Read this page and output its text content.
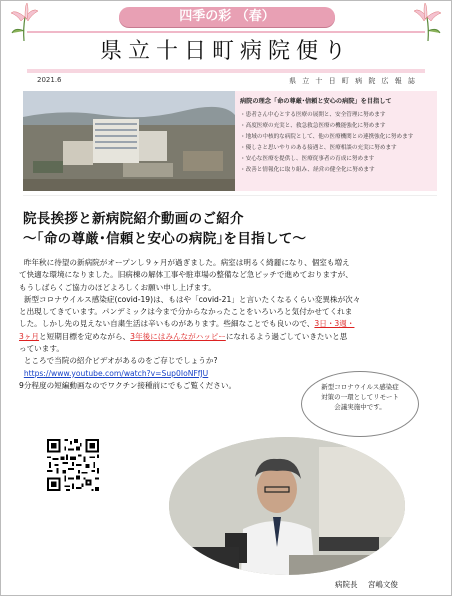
四季の彩 （春）
県立十日町病院便り
2021.6	県 立 十 日 町 病 院 広 報 誌
病院の理念「命の尊厳･信頼と安心の病院」を目指して
・ 患者さん中心とする医療の展開と、安全管理に努めます
・ 高度医療の充実と、救急救急医療の機能強化に努めます
・ 地域の中核的な病院として、他の医療機関との連携強化に努めます
・ 優しさと思いやりのある接遇と、医療相談の充実に努めます
・ 安心な医療を提供し、医療従事者の育成に努めます
・ 改善と情報化に取り組み、経営の健全化に努めます
院長挨拶と新病院紹介動画のご紹介
～｢命の尊厳･信頼と安心の病院｣を目指して～

昨年秋に待望の新病院がオープンし９ヶ月が過ぎました。病室は明るく綺麗になり、個室も増え

て快適な環境になりました。旧病棟の解体工事や駐車場の整備など急ピッチで進めておりますが、

もうしばらくご協力のほどよろしくお願い申し上げます。

新型コロナウイルス感染症(covid-19)は、もはや「covid-21」と言いたくなるくらい変異株が次々

と出現してきています。パンデミックは今まで分からなかったことをいろいろと気付かせてくれま

した。しかし先の見えない自粛生活は辛いものがあります。些細なことでも良いので、3日・3週・

3ヶ月と短期目標を定めながら、3年後にはみんながハッピーになれるよう過ごしていきたいと思

っています。

ところで当院の紹介ビデオがあるのをご存じでしょうか?

https://www.youtube.com/watch?v=Sup0IoNFfJU

9分程度の短編動画なのでワクチン接種前にでもご覧ください。	新型コロナウイルス感染症
対策の一環としてリモート
会議実施中です。
病院長 宮嶋文俊
